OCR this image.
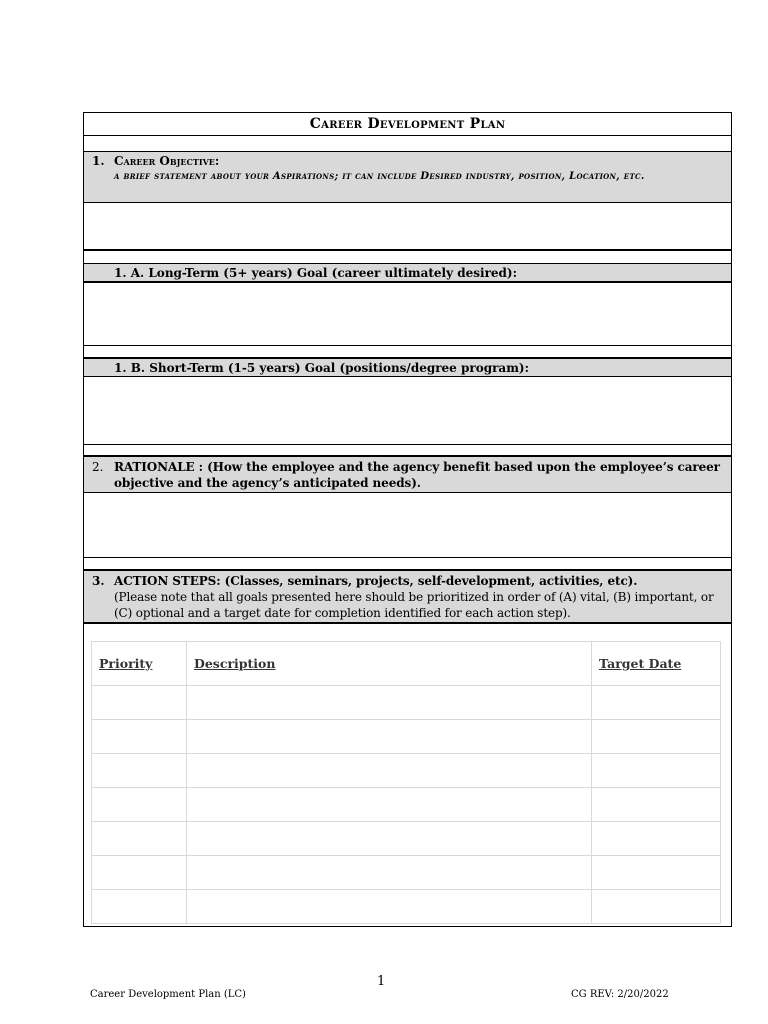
Career Development Plan
1. Career Objective:
a brief statement about your Aspirations; it can include Desired industry, position, Location, etc.
1. A. Long-Term (5+ years) Goal (career ultimately desired):
1. B. Short-Term (1-5 years) Goal (positions/degree program):
2. RATIONALE : (How the employee and the agency benefit based upon the employee’s career objective and the agency’s anticipated needs).
3. ACTION STEPS: (Classes, seminars, projects, self-development, activities, etc).
(Please note that all goals presented here should be prioritized in order of (A) vital, (B) important, or (C) optional and a target date for completion identified for each action step).
Priority	Description	Target Date

1
Career Development Plan (LC)	CG REV: 2/20/2022
